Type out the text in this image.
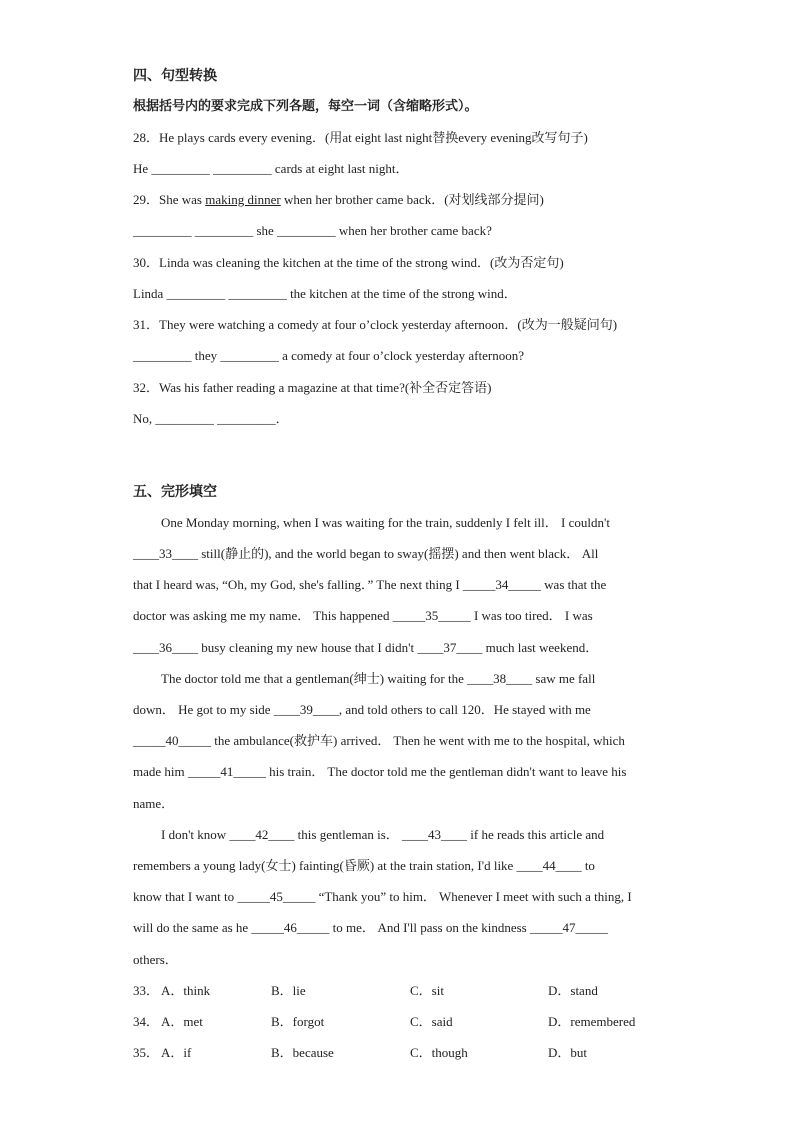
四、句型转换
根据括号内的要求完成下列各题，每空一词（含缩略形式）。
28．He plays cards every evening．(用at eight last night替换every evening改写句子)
He _________ _________ cards at eight last night．
29．She was making dinner when her brother came back．(对划线部分提问)
_________ _________ she _________ when her brother came back?
30．Linda was cleaning the kitchen at the time of the strong wind．(改为否定句)
Linda _________ _________ the kitchen at the time of the strong wind．
31．They were watching a comedy at four o’clock yesterday afternoon．(改为一般疑问句)
_________ they _________ a comedy at four o’clock yesterday afternoon?
32．Was his father reading a magazine at that time?(补全否定答语)
No, _________ _________．
五、完形填空
One Monday morning, when I was waiting for the train, suddenly I felt ill． I couldn't
____33____ still(静止的), and the world began to sway(摇摆) and then went black． All
that I heard was, “Oh, my God, she's falling．” The next thing I _____34_____ was that the
doctor was asking me my name． This happened _____35_____ I was too tired． I was
____36____ busy cleaning my new house that I didn't ____37____ much last weekend．
The doctor told me that a gentleman(绅士) waiting for the ____38____ saw me fall
down． He got to my side ____39____, and told others to call 120．He stayed with me
_____40_____ the ambulance(救护车) arrived． Then he went with me to the hospital, which
made him _____41_____ his train． The doctor told me the gentleman didn't want to leave his
name．
I don't know ____42____ this gentleman is． ____43____ if he reads this article and
remembers a young lady(女士) fainting(昏厥) at the train station, I'd like ____44____ to
know that I want to _____45_____ “Thank you” to him． Whenever I meet with such a thing, I
will do the same as he _____46_____ to me． And I'll pass on the kindness _____47_____
others．
33． A．think	B．lie	C．sit	D．stand
34． A．met	B．forgot	C．said	D．remembered
35． A．if	B．because	C．though	D．but
